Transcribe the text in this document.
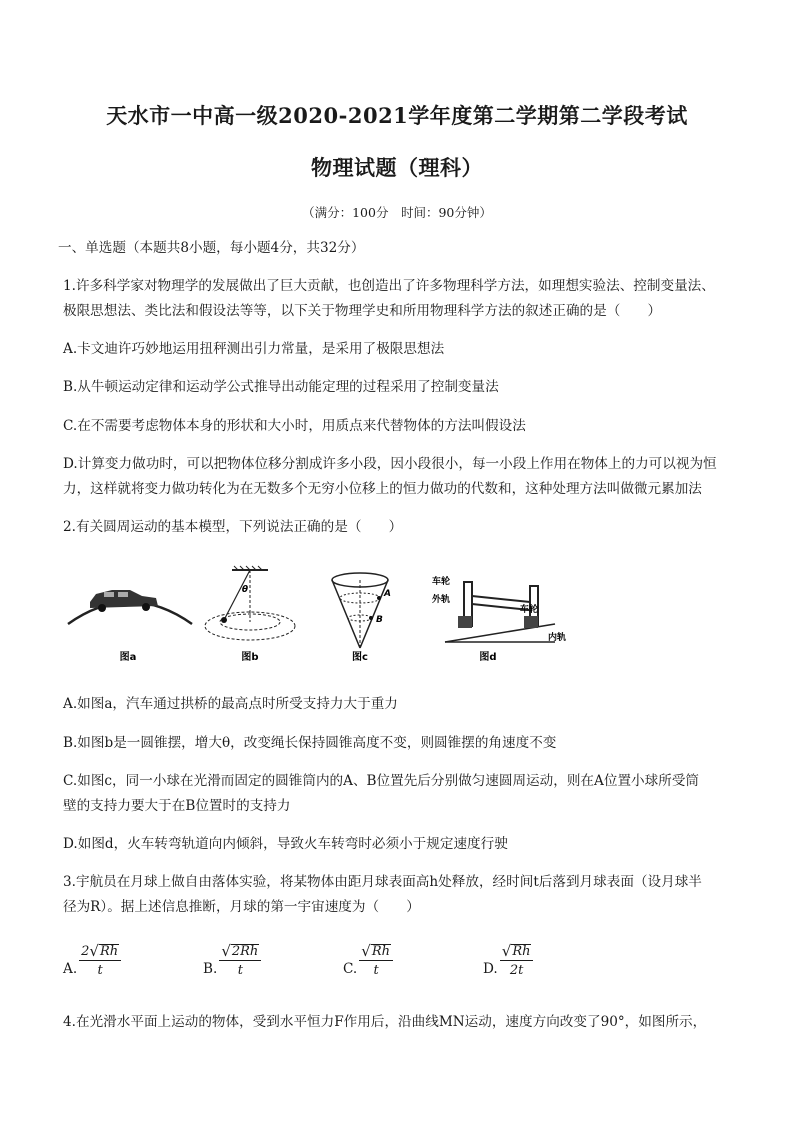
天水市一中高一级2020-2021学年度第二学期第二学段考试
物理试题（理科）
（满分：100分　时间：90分钟）
一、单选题（本题共8小题，每小题4分，共32分）
1.许多科学家对物理学的发展做出了巨大贡献，也创造出了许多物理科学方法，如理想实验法、控制变量法、
极限思想法、类比法和假设法等等，以下关于物理学史和所用物理科学方法的叙述正确的是（　　）
A.卡文迪许巧妙地运用扭秤测出引力常量，是采用了极限思想法
B.从牛顿运动定律和运动学公式推导出动能定理的过程采用了控制变量法
C.在不需要考虑物体本身的形状和大小时，用质点来代替物体的方法叫假设法
D.计算变力做功时，可以把物体位移分割成许多小段，因小段很小，每一小段上作用在物体上的力可以视为恒
力，这样就将变力做功转化为在无数多个无穷小位移上的恒力做功的代数和，这种处理方法叫做微元累加法
2.有关圆周运动的基本模型，下列说法正确的是（　　）
图a
θ
图b
A
B
图c
车轮
外轨
车轮
内轨
图d
A.如图a，汽车通过拱桥的最高点时所受支持力大于重力
B.如图b是一圆锥摆，增大θ，改变绳长保持圆锥高度不变，则圆锥摆的角速度不变
C.如图c，同一小球在光滑而固定的圆锥筒内的A、B位置先后分别做匀速圆周运动，则在A位置小球所受筒
壁的支持力要大于在B位置时的支持力
D.如图d，火车转弯轨道向内倾斜，导致火车转弯时必须小于规定速度行驶
3.宇航员在月球上做自由落体实验，将某物体由距月球表面高h处释放，经时间t后落到月球表面（设月球半
径为R）。据上述信息推断，月球的第一宇宙速度为（　　）
A. $\frac{2 √ Rh}{t}$	B. $\frac{√ 2Rh}{t}$	C. $\frac{√ Rh}{t}$	D. $\frac{√ Rh}{2t}$
4.在光滑水平面上运动的物体，受到水平恒力F作用后，沿曲线MN运动，速度方向改变了90°，如图所示，
